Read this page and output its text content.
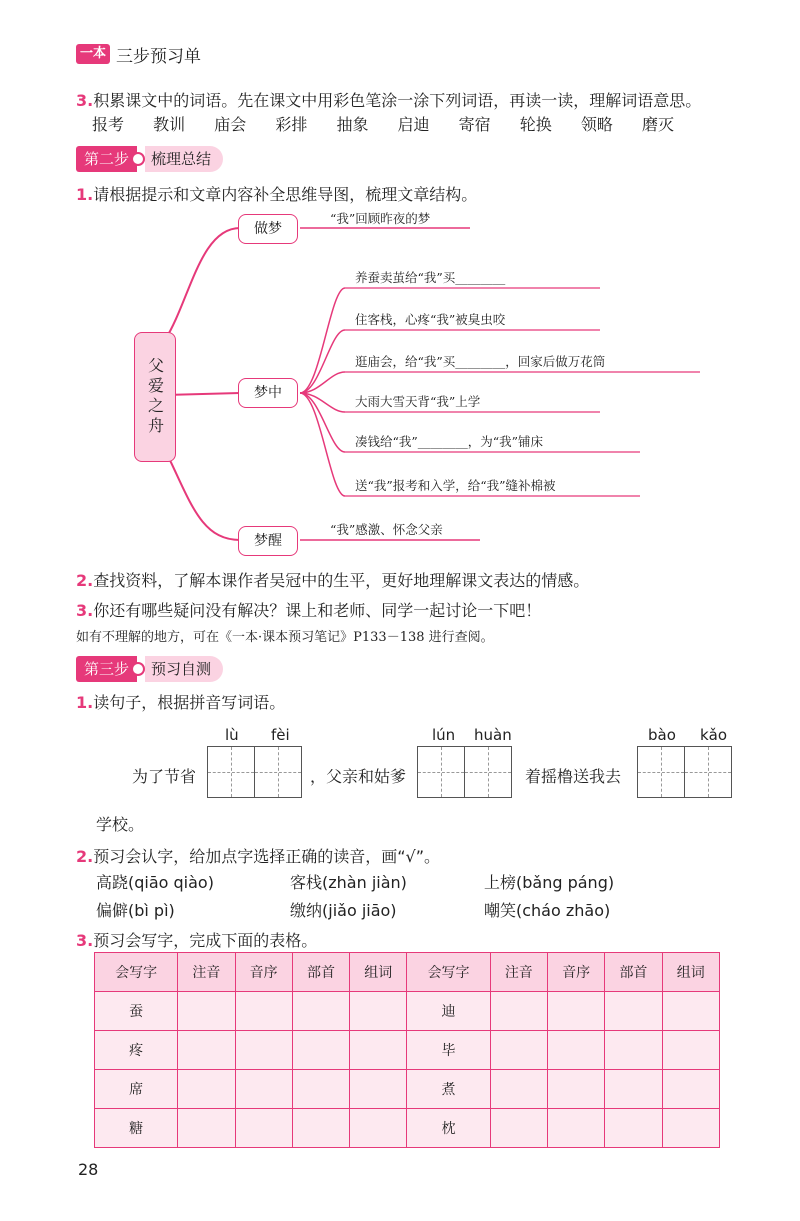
一本 三步预习单
3.积累课文中的词语。先在课文中用彩色笔涂一涂下列词语，再读一读，理解词语意思。
报考 教训 庙会 彩排 抽象 启迪 寄宿 轮换 领略 磨灭
第二步	梳理总结
1.请根据提示和文章内容补全思维导图，梳理文章结构。
父爱之舟
做梦
“我”回顾昨夜的梦
梦中
养蚕卖茧给“我”买________
住客栈，心疼“我”被臭虫咬
逛庙会，给“我”买________，回家后做万花筒
大雨大雪天背“我”上学
凑钱给“我”________，为“我”铺床
送“我”报考和入学，给“我”缝补棉被
梦醒
“我”感激、怀念父亲
2.查找资料，了解本课作者吴冠中的生平，更好地理解课文表达的情感。
3.你还有哪些疑问没有解决？课上和老师、同学一起讨论一下吧！
如有不理解的地方，可在《一本·课本预习笔记》P133－138 进行查阅。
第三步	预习自测
1.读句子，根据拼音写词语。
lù fèi	lún huàn	bào kǎo
为了节省	，父亲和姑爹	着摇橹送我去
学校。
2.预习会认字，给加点字选择正确的读音，画“√”。
高跷(qiāo qiào)	客栈(zhàn jiàn)	上榜(bǎng páng)
偏僻(bì pì)	缴纳(jiǎo jiāo)	嘲笑(cháo zhāo)
3.预习会写字，完成下面的表格。
会写字	注音	音序	部首	组词	会写字	注音	音序	部首	组词
蚕					迪				
疼					毕				
席					煮				
糖					枕				
28
